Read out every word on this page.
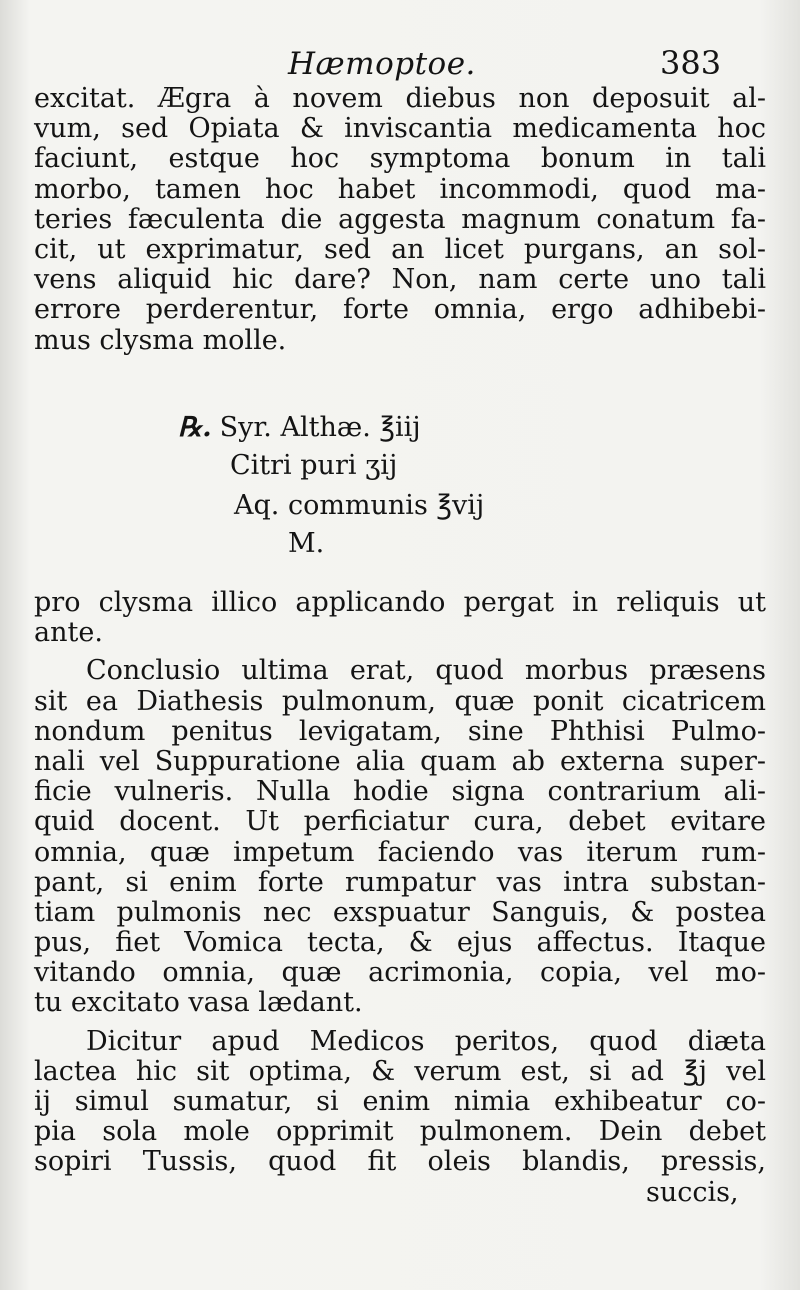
Hæmoptoe.	383
excitat. Ægra à novem diebus non deposuit al-
vum, sed Opiata & inviscantia medicamenta hoc
faciunt, estque hoc symptoma bonum in tali
morbo, tamen hoc habet incommodi, quod ma-
teries fæculenta die aggesta magnum conatum fa-
cit, ut exprimatur, sed an licet purgans, an sol-
vens aliquid hic dare? Non, nam certe uno tali
errore perderentur, forte omnia, ergo adhibebi-
mus clysma molle.
℞. Syr. Althæ. ℥iij
Citri puri ʒij
Aq. communis ℥vij
M.
pro clysma illico applicando pergat in reliquis ut
ante.
Conclusio ultima erat, quod morbus præsens
sit ea Diathesis pulmonum, quæ ponit cicatricem
nondum penitus levigatam, sine Phthisi Pulmo-
nali vel Suppuratione alia quam ab externa super-
ficie vulneris. Nulla hodie signa contrarium ali-
quid docent. Ut perficiatur cura, debet evitare
omnia, quæ impetum faciendo vas iterum rum-
pant, si enim forte rumpatur vas intra substan-
tiam pulmonis nec exspuatur Sanguis, & postea
pus, fiet Vomica tecta, & ejus affectus. Itaque
vitando omnia, quæ acrimonia, copia, vel mo-
tu excitato vasa lædant.
Dicitur apud Medicos peritos, quod diæta
lactea hic sit optima, & verum est, si ad ℥j vel
ij simul sumatur, si enim nimia exhibeatur co-
pia sola mole opprimit pulmonem. Dein debet
sopiri Tussis, quod fit oleis blandis, pressis,
succis,
